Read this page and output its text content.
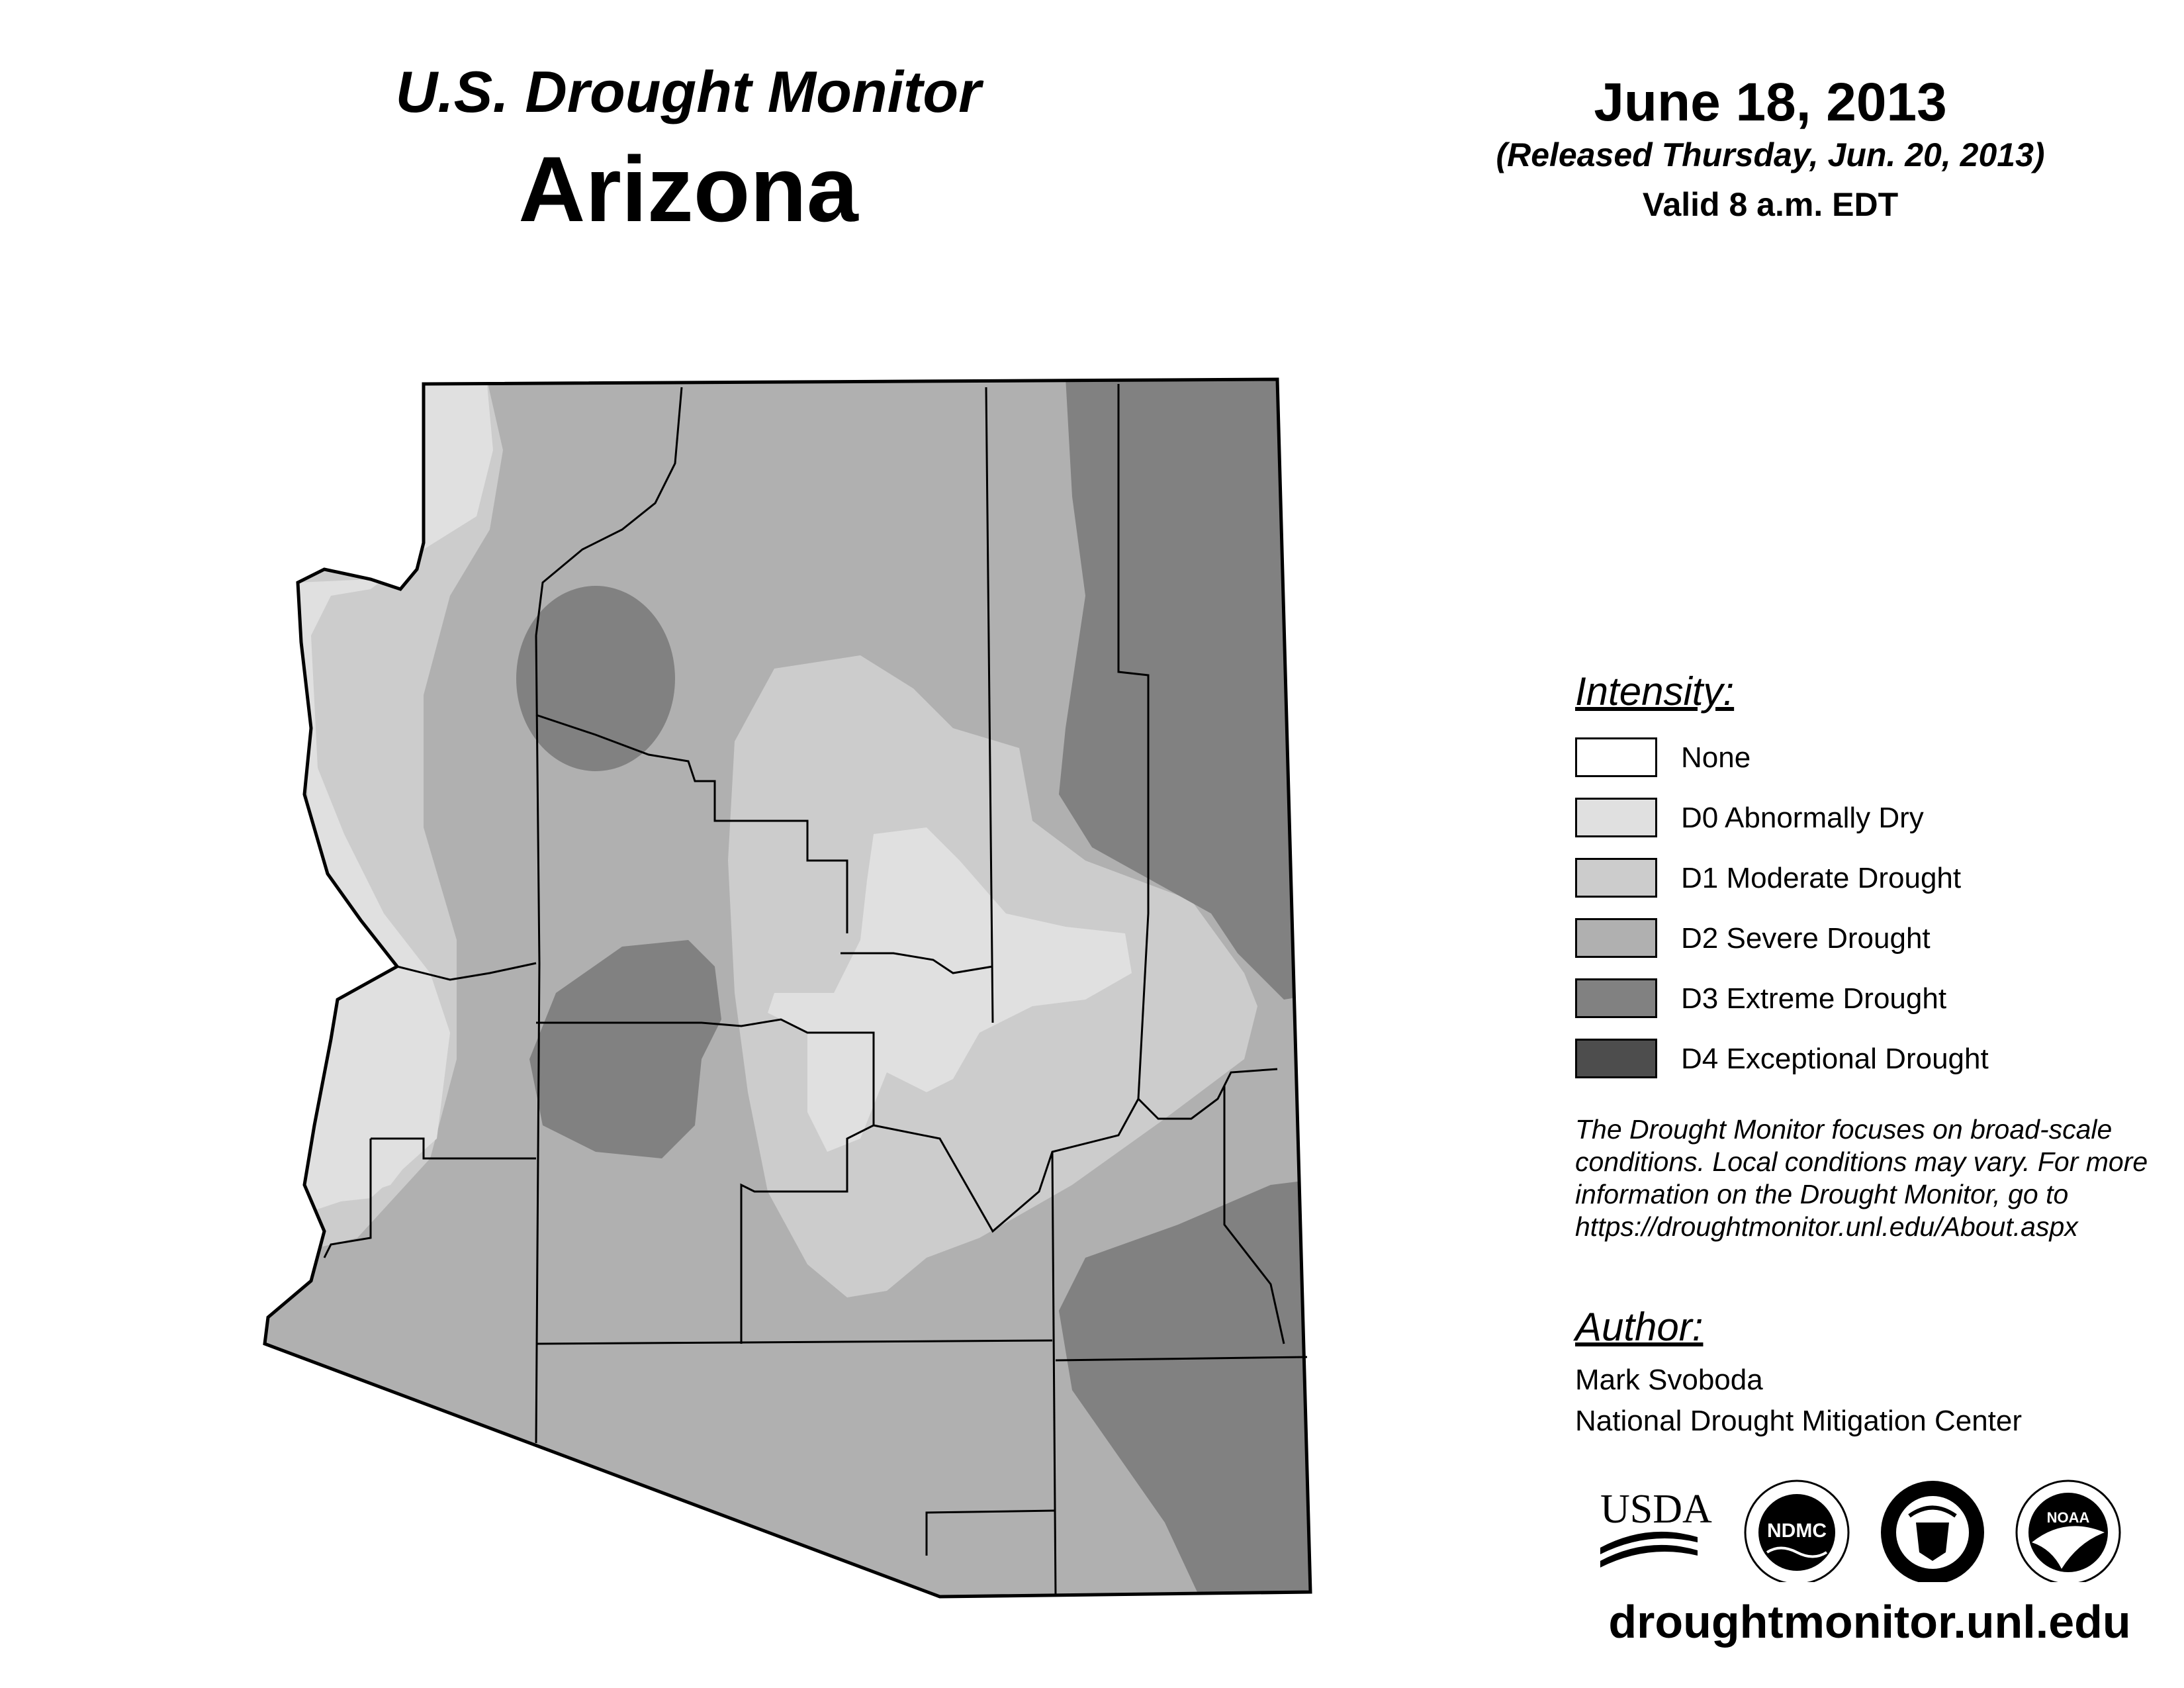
U.S. Drought Monitor
Arizona
June 18, 2013
(Released Thursday, Jun. 20, 2013)
Valid 8 a.m. EDT
Intensity:
None
D0 Abnormally Dry
D1 Moderate Drought
D2 Severe Drought
D3 Extreme Drought
D4 Exceptional Drought
The Drought Monitor focuses on broad-scale conditions. Local conditions may vary. For more information on the Drought Monitor, go to https://droughtmonitor.unl.edu/About.aspx
Author:
Mark Svoboda
National Drought Mitigation Center
USDA	NDMC
NOAA
droughtmonitor.unl.edu
